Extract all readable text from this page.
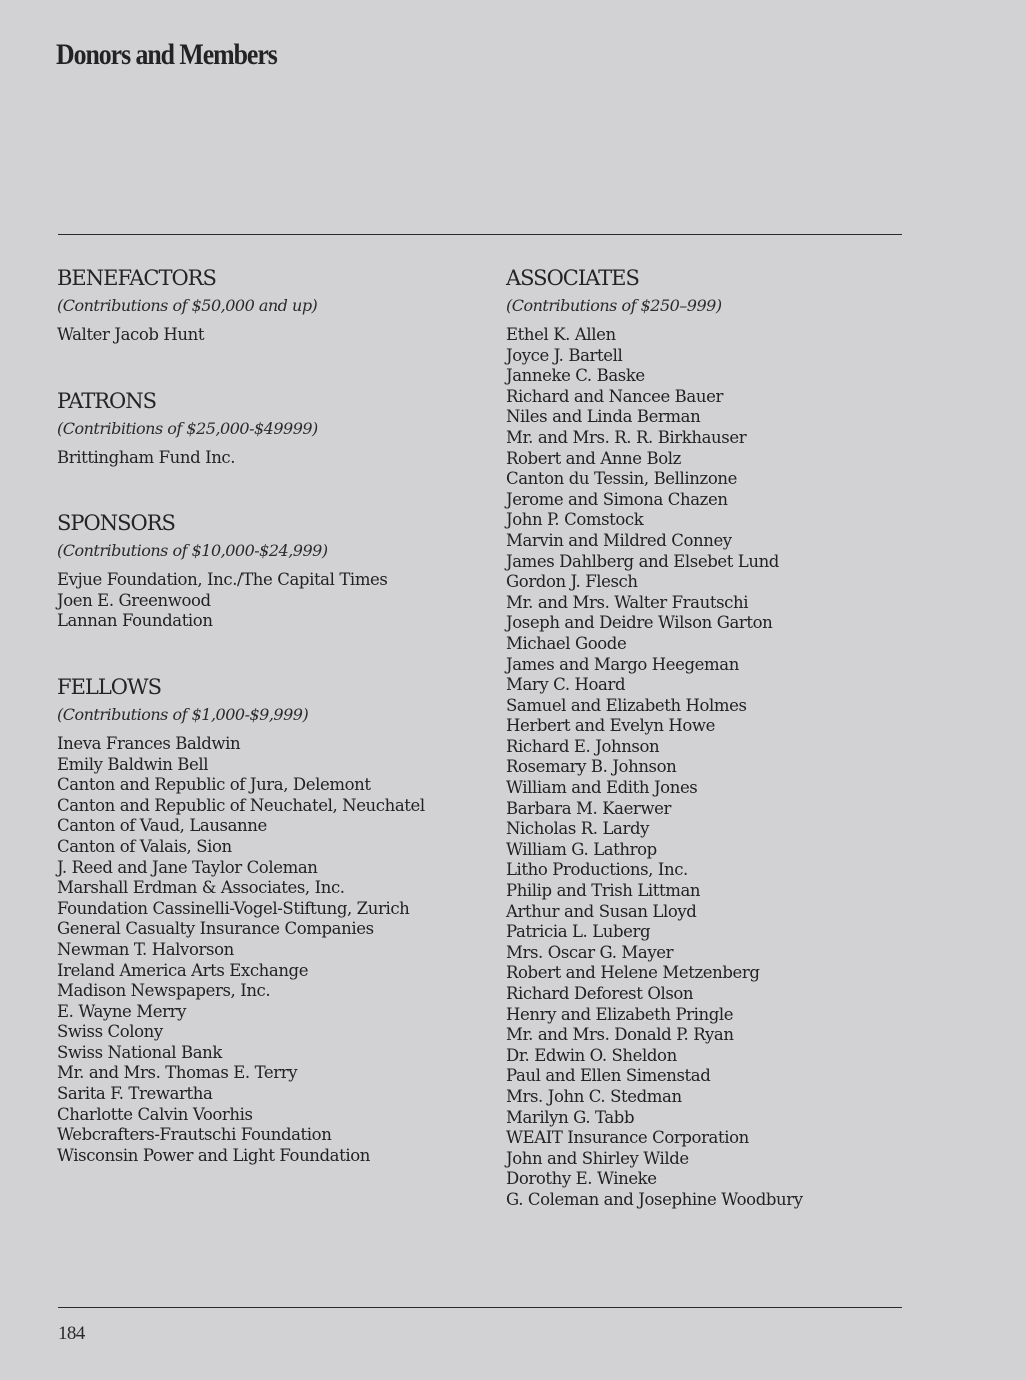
Donors and Members
BENEFACTORS
(Contributions of $50,000 and up)
Walter Jacob Hunt
PATRONS
(Contribitions of $25,000-$49999)
Brittingham Fund Inc.
SPONSORS
(Contributions of $10,000-$24,999)
Evjue Foundation, Inc./The Capital Times
Joen E. Greenwood
Lannan Foundation
FELLOWS
(Contributions of $1,000-$9,999)
Ineva Frances Baldwin
Emily Baldwin Bell
Canton and Republic of Jura, Delemont
Canton and Republic of Neuchatel, Neuchatel
Canton of Vaud, Lausanne
Canton of Valais, Sion
J. Reed and Jane Taylor Coleman
Marshall Erdman & Associates, Inc.
Foundation Cassinelli-Vogel-Stiftung, Zurich
General Casualty Insurance Companies
Newman T. Halvorson
Ireland America Arts Exchange
Madison Newspapers, Inc.
E. Wayne Merry
Swiss Colony
Swiss National Bank
Mr. and Mrs. Thomas E. Terry
Sarita F. Trewartha
Charlotte Calvin Voorhis
Webcrafters-Frautschi Foundation
Wisconsin Power and Light Foundation
ASSOCIATES
(Contributions of $250–999)
Ethel K. Allen
Joyce J. Bartell
Janneke C. Baske
Richard and Nancee Bauer
Niles and Linda Berman
Mr. and Mrs. R. R. Birkhauser
Robert and Anne Bolz
Canton du Tessin, Bellinzone
Jerome and Simona Chazen
John P. Comstock
Marvin and Mildred Conney
James Dahlberg and Elsebet Lund
Gordon J. Flesch
Mr. and Mrs. Walter Frautschi
Joseph and Deidre Wilson Garton
Michael Goode
James and Margo Heegeman
Mary C. Hoard
Samuel and Elizabeth Holmes
Herbert and Evelyn Howe
Richard E. Johnson
Rosemary B. Johnson
William and Edith Jones
Barbara M. Kaerwer
Nicholas R. Lardy
William G. Lathrop
Litho Productions, Inc.
Philip and Trish Littman
Arthur and Susan Lloyd
Patricia L. Luberg
Mrs. Oscar G. Mayer
Robert and Helene Metzenberg
Richard Deforest Olson
Henry and Elizabeth Pringle
Mr. and Mrs. Donald P. Ryan
Dr. Edwin O. Sheldon
Paul and Ellen Simenstad
Mrs. John C. Stedman
Marilyn G. Tabb
WEAIT Insurance Corporation
John and Shirley Wilde
Dorothy E. Wineke
G. Coleman and Josephine Woodbury
184
